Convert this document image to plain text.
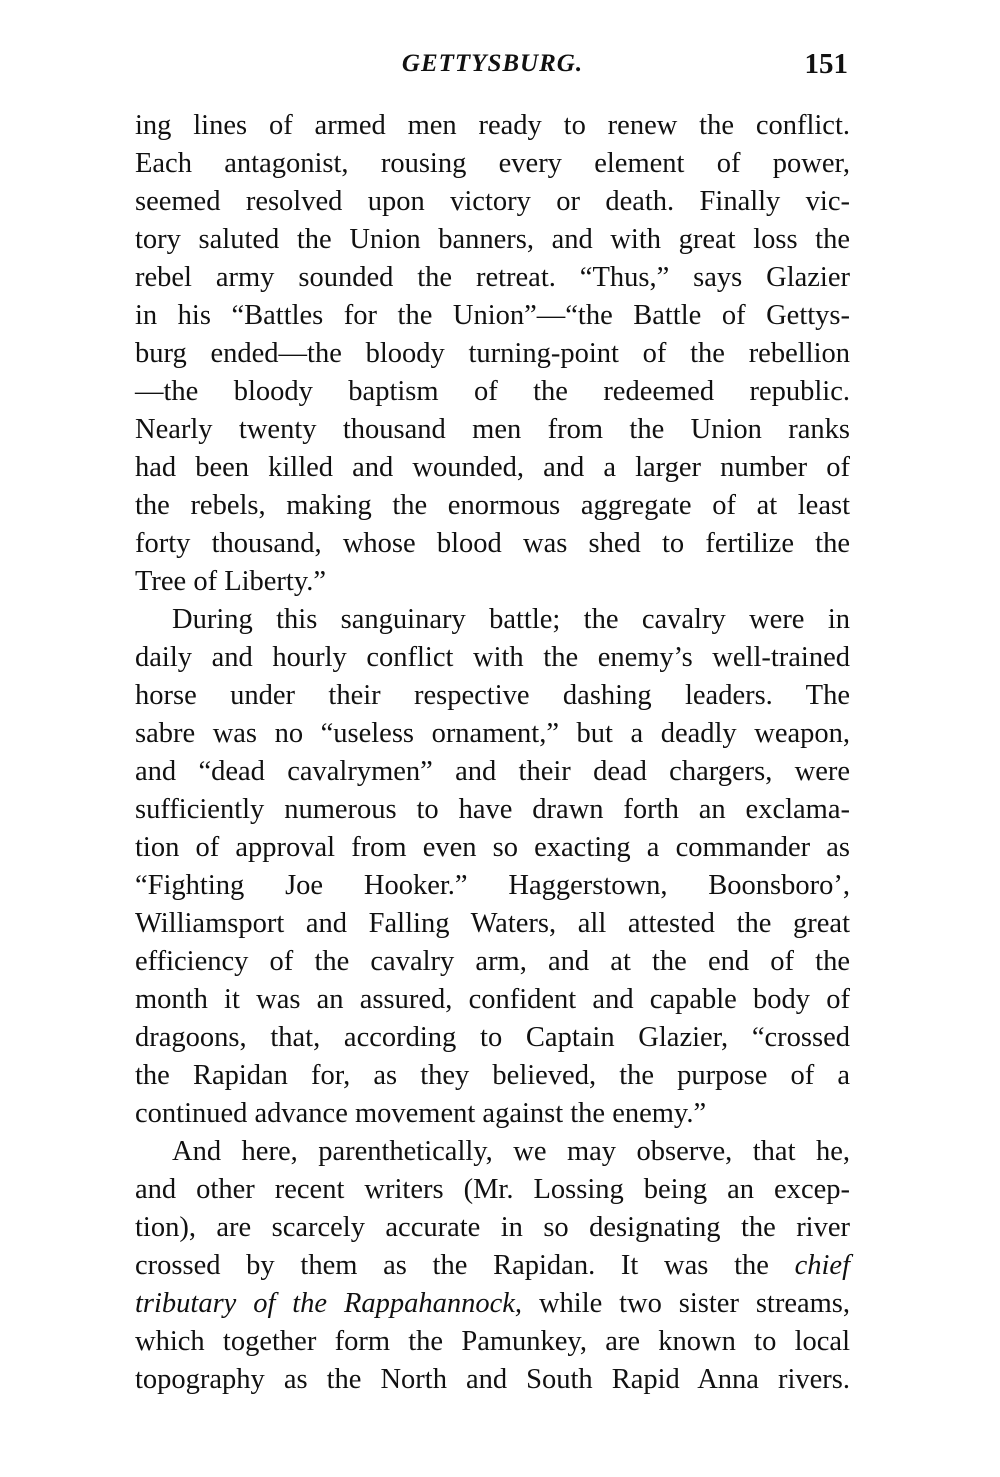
GETTYSBURG.	151
ing lines of armed men ready to renew the conflict.
Each antagonist, rousing every element of power,
seemed resolved upon victory or death. Finally vic-
tory saluted the Union banners, and with great loss the
rebel army sounded the retreat. “Thus,” says Glazier
in his “Battles for the Union”—“the Battle of Gettys-
burg ended—the bloody turning-point of the rebellion
—the bloody baptism of the redeemed republic.
Nearly twenty thousand men from the Union ranks
had been killed and wounded, and a larger number of
the rebels, making the enormous aggregate of at least
forty thousand, whose blood was shed to fertilize the
Tree of Liberty.”
During this sanguinary battle; the cavalry were in
daily and hourly conflict with the enemy’s well-trained
horse under their respective dashing leaders. The
sabre was no “useless ornament,” but a deadly weapon,
and “dead cavalrymen” and their dead chargers, were
sufficiently numerous to have drawn forth an exclama-
tion of approval from even so exacting a commander as
“Fighting Joe Hooker.” Haggerstown, Boonsboro’,
Williamsport and Falling Waters, all attested the great
efficiency of the cavalry arm, and at the end of the
month it was an assured, confident and capable body of
dragoons, that, according to Captain Glazier, “crossed
the Rapidan for, as they believed, the purpose of a
continued advance movement against the enemy.”
And here, parenthetically, we may observe, that he,
and other recent writers (Mr. Lossing being an excep-
tion), are scarcely accurate in so designating the river
crossed by them as the Rapidan. It was the chief
tributary of the Rappahannock, while two sister streams,
which together form the Pamunkey, are known to local
topography as the North and South Rapid Anna rivers.
